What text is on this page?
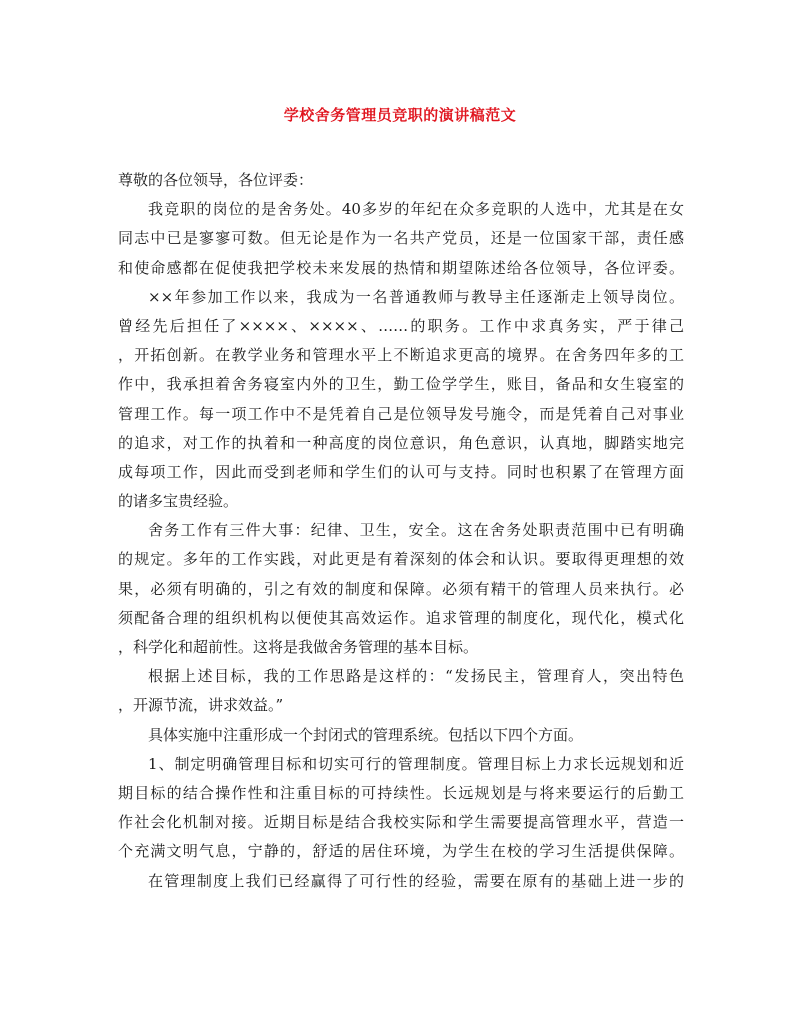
学校舍务管理员竞职的演讲稿范文
尊敬的各位领导，各位评委：
我竞职的岗位的是舍务处。40多岁的年纪在众多竞职的人选中，尤其是在女
同志中已是寥寥可数。但无论是作为一名共产党员，还是一位国家干部，责任感
和使命感都在促使我把学校未来发展的热情和期望陈述给各位领导，各位评委。
××年参加工作以来，我成为一名普通教师与教导主任逐渐走上领导岗位。
曾经先后担任了××××、××××、……的职务。工作中求真务实，严于律己
，开拓创新。在教学业务和管理水平上不断追求更高的境界。在舍务四年多的工
作中，我承担着舍务寝室内外的卫生，勤工俭学学生，账目，备品和女生寝室的
管理工作。每一项工作中不是凭着自己是位领导发号施令，而是凭着自己对事业
的追求，对工作的执着和一种高度的岗位意识，角色意识，认真地，脚踏实地完
成每项工作，因此而受到老师和学生们的认可与支持。同时也积累了在管理方面
的诸多宝贵经验。
舍务工作有三件大事：纪律、卫生，安全。这在舍务处职责范围中已有明确
的规定。多年的工作实践，对此更是有着深刻的体会和认识。要取得更理想的效
果，必须有明确的，引之有效的制度和保障。必须有精干的管理人员来执行。必
须配备合理的组织机构以便使其高效运作。追求管理的制度化，现代化，模式化
，科学化和超前性。这将是我做舍务管理的基本目标。
根据上述目标，我的工作思路是这样的：“发扬民主，管理育人，突出特色
，开源节流，讲求效益。”
具体实施中注重形成一个封闭式的管理系统。包括以下四个方面。
1、制定明确管理目标和切实可行的管理制度。管理目标上力求长远规划和近
期目标的结合操作性和注重目标的可持续性。长远规划是与将来要运行的后勤工
作社会化机制对接。近期目标是结合我校实际和学生需要提高管理水平，营造一
个充满文明气息，宁静的，舒适的居住环境，为学生在校的学习生活提供保障。
在管理制度上我们已经赢得了可行性的经验，需要在原有的基础上进一步的
